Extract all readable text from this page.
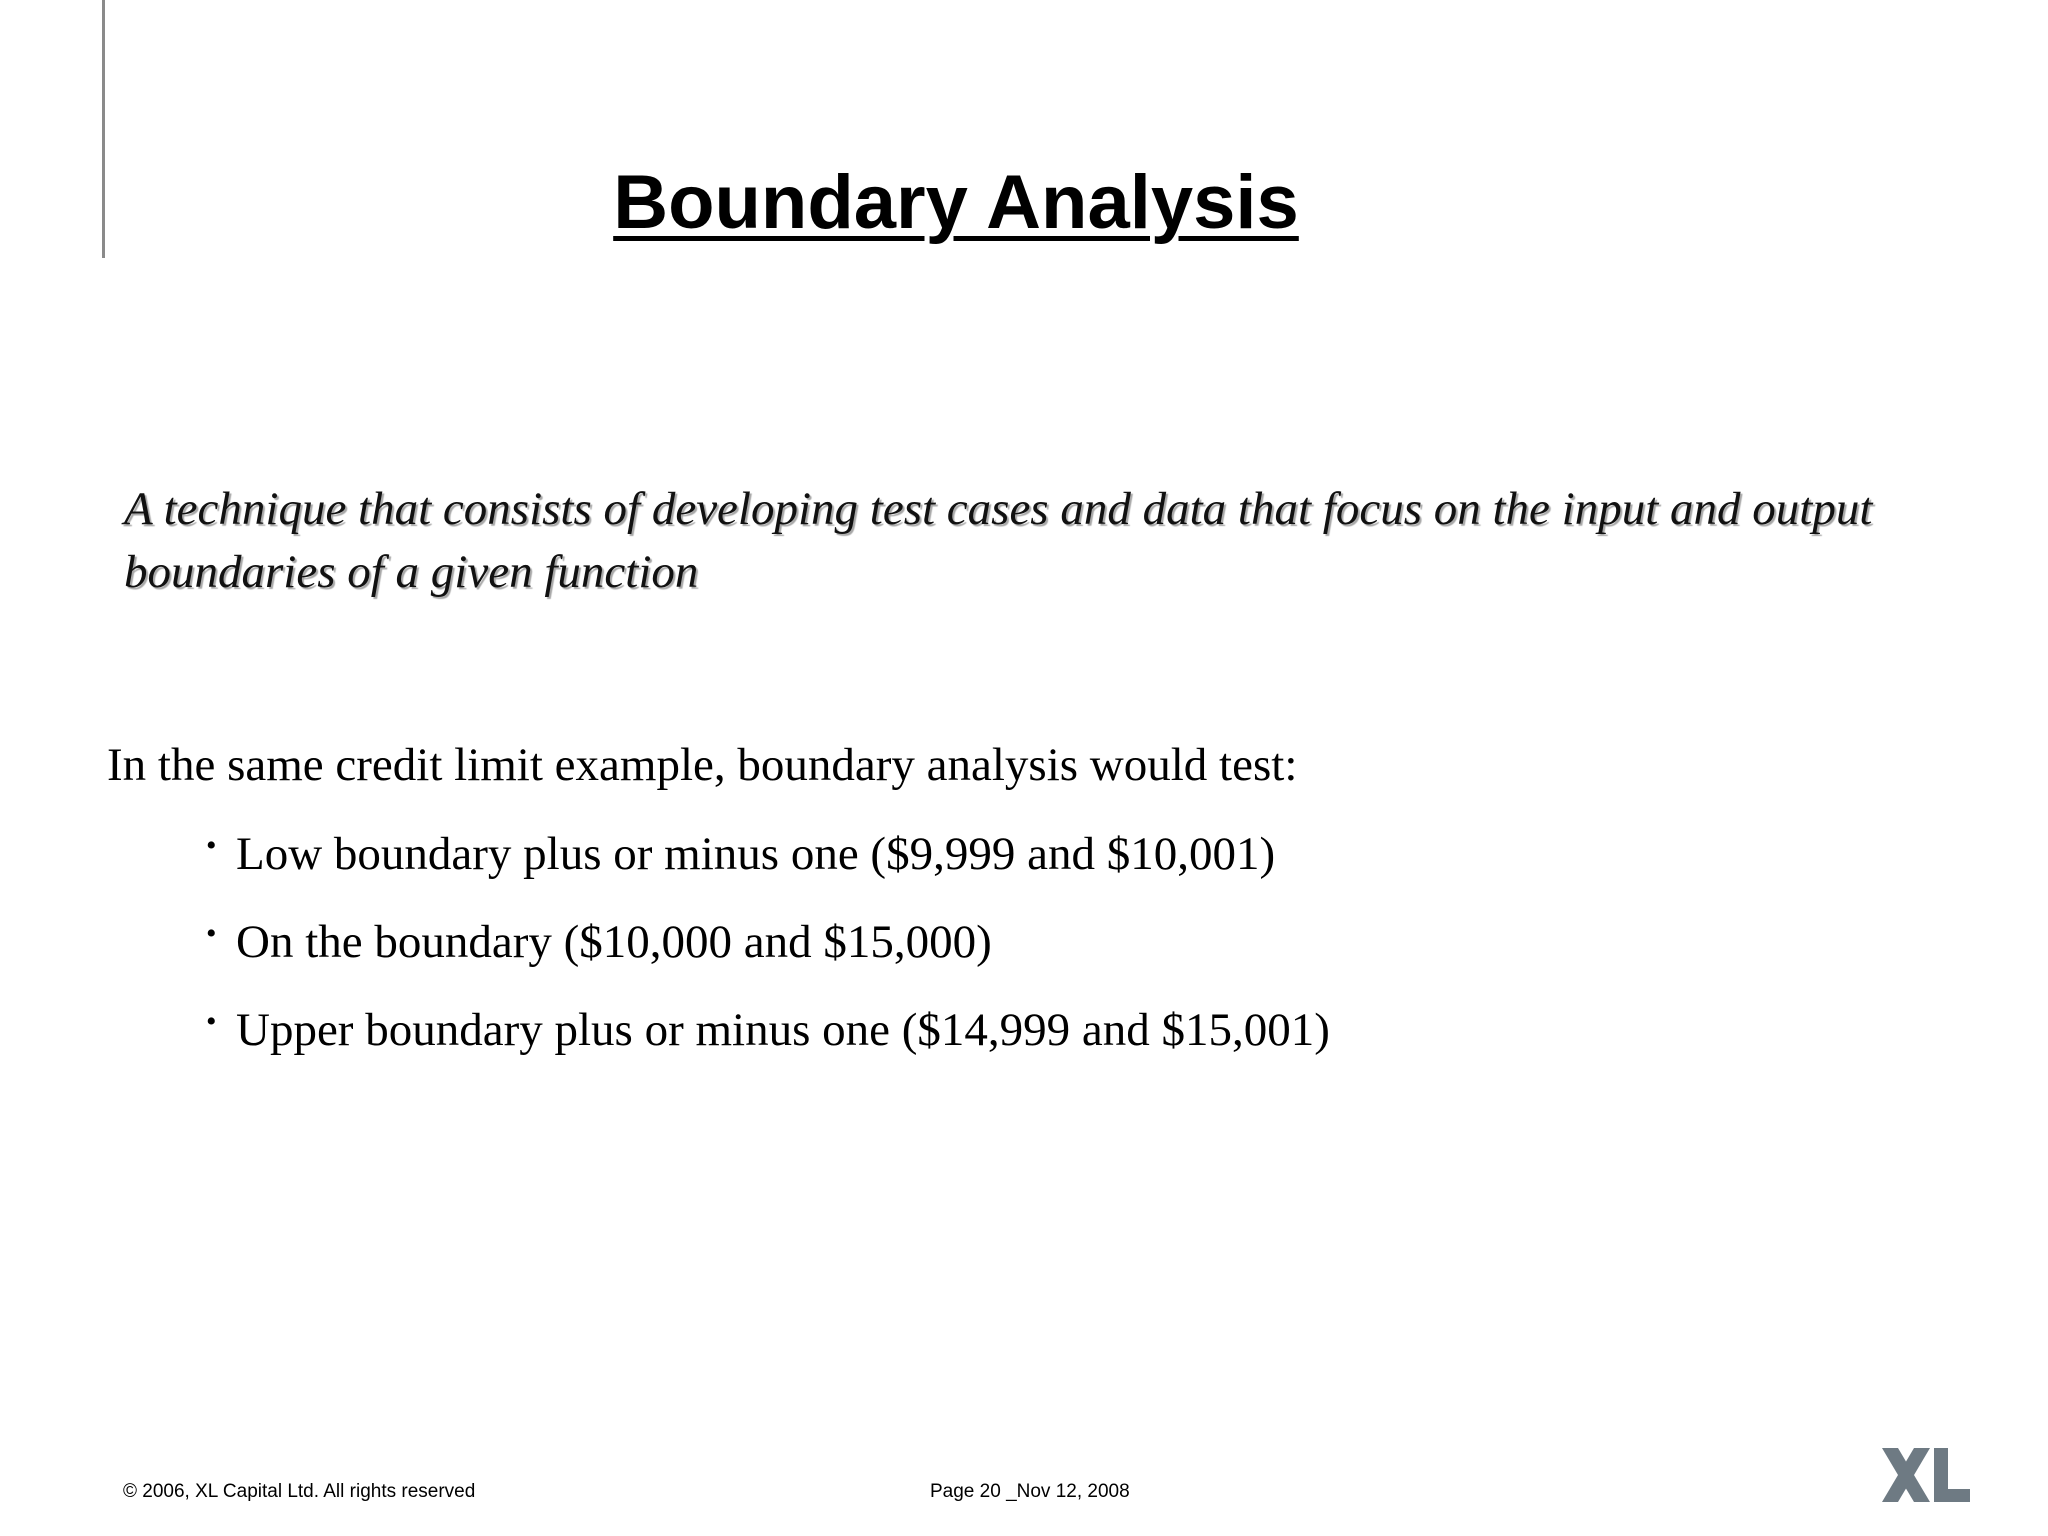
Boundary Analysis

A technique that consists of developing test cases and data that focus on the input and output boundaries of a given function

In the same credit limit example, boundary analysis would test:

• Low boundary plus or minus one ($9,999 and $10,001)
• On the boundary ($10,000 and $15,000)
• Upper boundary plus or minus one ($14,999 and $15,001)
© 2006, XL Capital Ltd. All rights reserved	Page 20 _Nov 12, 2008
